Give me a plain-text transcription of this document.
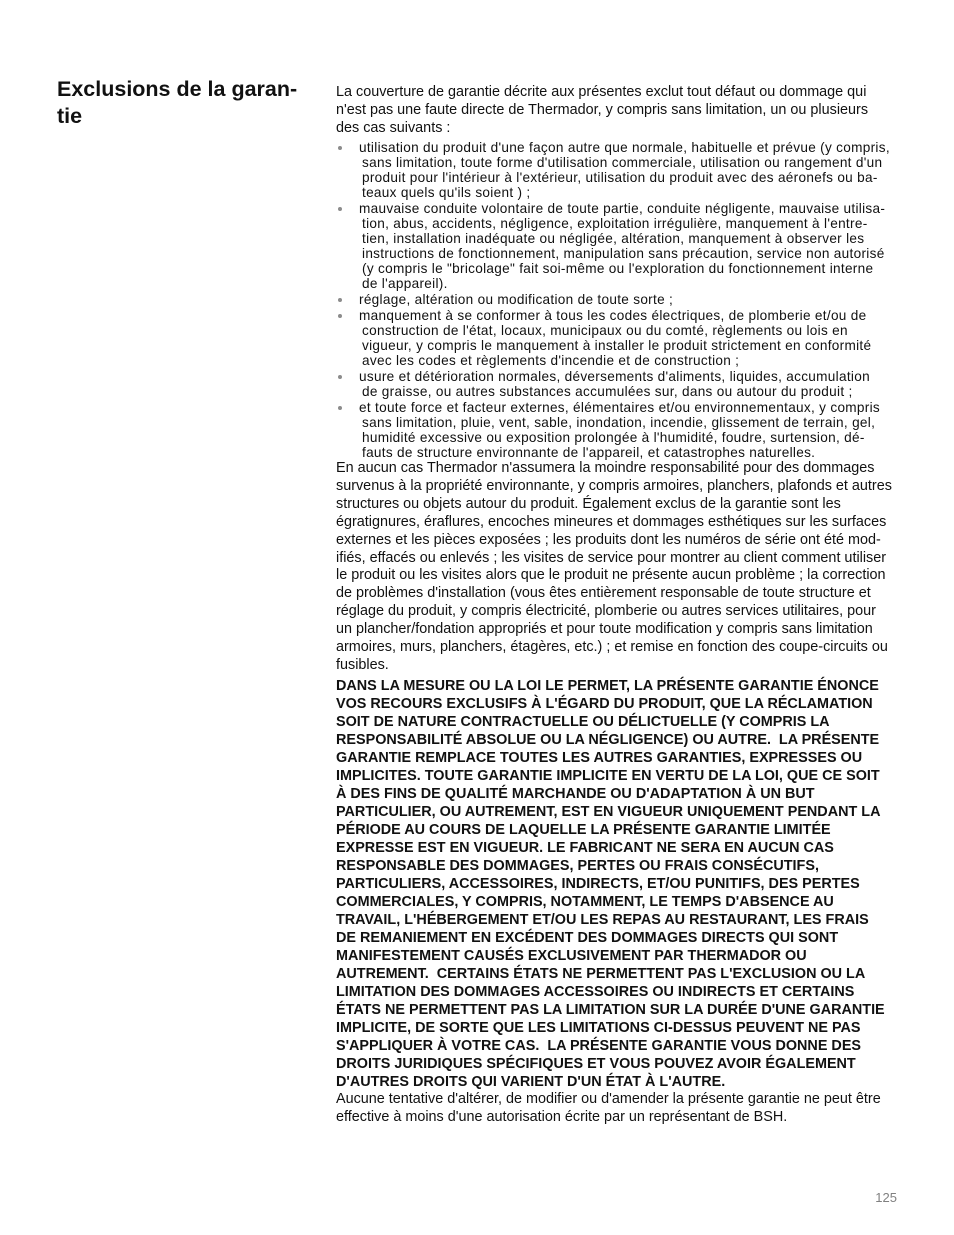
Exclusions de la garan-
tie

La couverture de garantie décrite aux présentes exclut tout défaut ou dommage qui
n'est pas une faute directe de Thermador, y compris sans limitation, un ou plusieurs
des cas suivants :

utilisation du produit d'une façon autre que normale, habituelle et prévue (y compris,
sans limitation, toute forme d'utilisation commerciale, utilisation ou rangement d'un
produit pour l'intérieur à l'extérieur, utilisation du produit avec des aéronefs ou ba-
teaux quels qu'ils soient ) ;
mauvaise conduite volontaire de toute partie, conduite négligente, mauvaise utilisa-
tion, abus, accidents, négligence, exploitation irrégulière, manquement à l'entre-
tien, installation inadéquate ou négligée, altération, manquement à observer les
instructions de fonctionnement, manipulation sans précaution, service non autorisé
(y compris le "bricolage" fait soi-même ou l'exploration du fonctionnement interne
de l'appareil).
réglage, altération ou modification de toute sorte ;
manquement à se conformer à tous les codes électriques, de plomberie et/ou de
construction de l'état, locaux, municipaux ou du comté, règlements ou lois en
vigueur, y compris le manquement à installer le produit strictement en conformité
avec les codes et règlements d'incendie et de construction ;
usure et détérioration normales, déversements d'aliments, liquides, accumulation
de graisse, ou autres substances accumulées sur, dans ou autour du produit ;
et toute force et facteur externes, élémentaires et/ou environnementaux, y compris
sans limitation, pluie, vent, sable, inondation, incendie, glissement de terrain, gel,
humidité excessive ou exposition prolongée à l'humidité, foudre, surtension, dé-
fauts de structure environnante de l'appareil, et catastrophes naturelles.

En aucun cas Thermador n'assumera la moindre responsabilité pour des dommages
survenus à la propriété environnante, y compris armoires, planchers, plafonds et autres
structures ou objets autour du produit. Également exclus de la garantie sont les
égratignures, éraflures, encoches mineures et dommages esthétiques sur les surfaces
externes et les pièces exposées ; les produits dont les numéros de série ont été mod-
ifiés, effacés ou enlevés ; les visites de service pour montrer au client comment utiliser
le produit ou les visites alors que le produit ne présente aucun problème ; la correction
de problèmes d'installation (vous êtes entièrement responsable de toute structure et
réglage du produit, y compris électricité, plomberie ou autres services utilitaires, pour
un plancher/fondation appropriés et pour toute modification y compris sans limitation
armoires, murs, planchers, étagères, etc.) ; et remise en fonction des coupe-circuits ou
fusibles.

DANS LA MESURE OU LA LOI LE PERMET, LA PRÉSENTE GARANTIE ÉNONCE
VOS RECOURS EXCLUSIFS À L'ÉGARD DU PRODUIT, QUE LA RÉCLAMATION
SOIT DE NATURE CONTRACTUELLE OU DÉLICTUELLE (Y COMPRIS LA
RESPONSABILITÉ ABSOLUE OU LA NÉGLIGENCE) OU AUTRE.  LA PRÉSENTE
GARANTIE REMPLACE TOUTES LES AUTRES GARANTIES, EXPRESSES OU
IMPLICITES. TOUTE GARANTIE IMPLICITE EN VERTU DE LA LOI, QUE CE SOIT
À DES FINS DE QUALITÉ MARCHANDE OU D'ADAPTATION À UN BUT
PARTICULIER, OU AUTREMENT, EST EN VIGUEUR UNIQUEMENT PENDANT LA
PÉRIODE AU COURS DE LAQUELLE LA PRÉSENTE GARANTIE LIMITÉE
EXPRESSE EST EN VIGUEUR. LE FABRICANT NE SERA EN AUCUN CAS
RESPONSABLE DES DOMMAGES, PERTES OU FRAIS CONSÉCUTIFS,
PARTICULIERS, ACCESSOIRES, INDIRECTS, ET/OU PUNITIFS, DES PERTES
COMMERCIALES, Y COMPRIS, NOTAMMENT, LE TEMPS D'ABSENCE AU
TRAVAIL, L'HÉBERGEMENT ET/OU LES REPAS AU RESTAURANT, LES FRAIS
DE REMANIEMENT EN EXCÉDENT DES DOMMAGES DIRECTS QUI SONT
MANIFESTEMENT CAUSÉS EXCLUSIVEMENT PAR THERMADOR OU
AUTREMENT.  CERTAINS ÉTATS NE PERMETTENT PAS L'EXCLUSION OU LA
LIMITATION DES DOMMAGES ACCESSOIRES OU INDIRECTS ET CERTAINS
ÉTATS NE PERMETTENT PAS LA LIMITATION SUR LA DURÉE D'UNE GARANTIE
IMPLICITE, DE SORTE QUE LES LIMITATIONS CI-DESSUS PEUVENT NE PAS
S'APPLIQUER À VOTRE CAS.  LA PRÉSENTE GARANTIE VOUS DONNE DES
DROITS JURIDIQUES SPÉCIFIQUES ET VOUS POUVEZ AVOIR ÉGALEMENT
D'AUTRES DROITS QUI VARIENT D'UN ÉTAT À L'AUTRE.

Aucune tentative d'altérer, de modifier ou d'amender la présente garantie ne peut être
effective à moins d'une autorisation écrite par un représentant de BSH.

125
